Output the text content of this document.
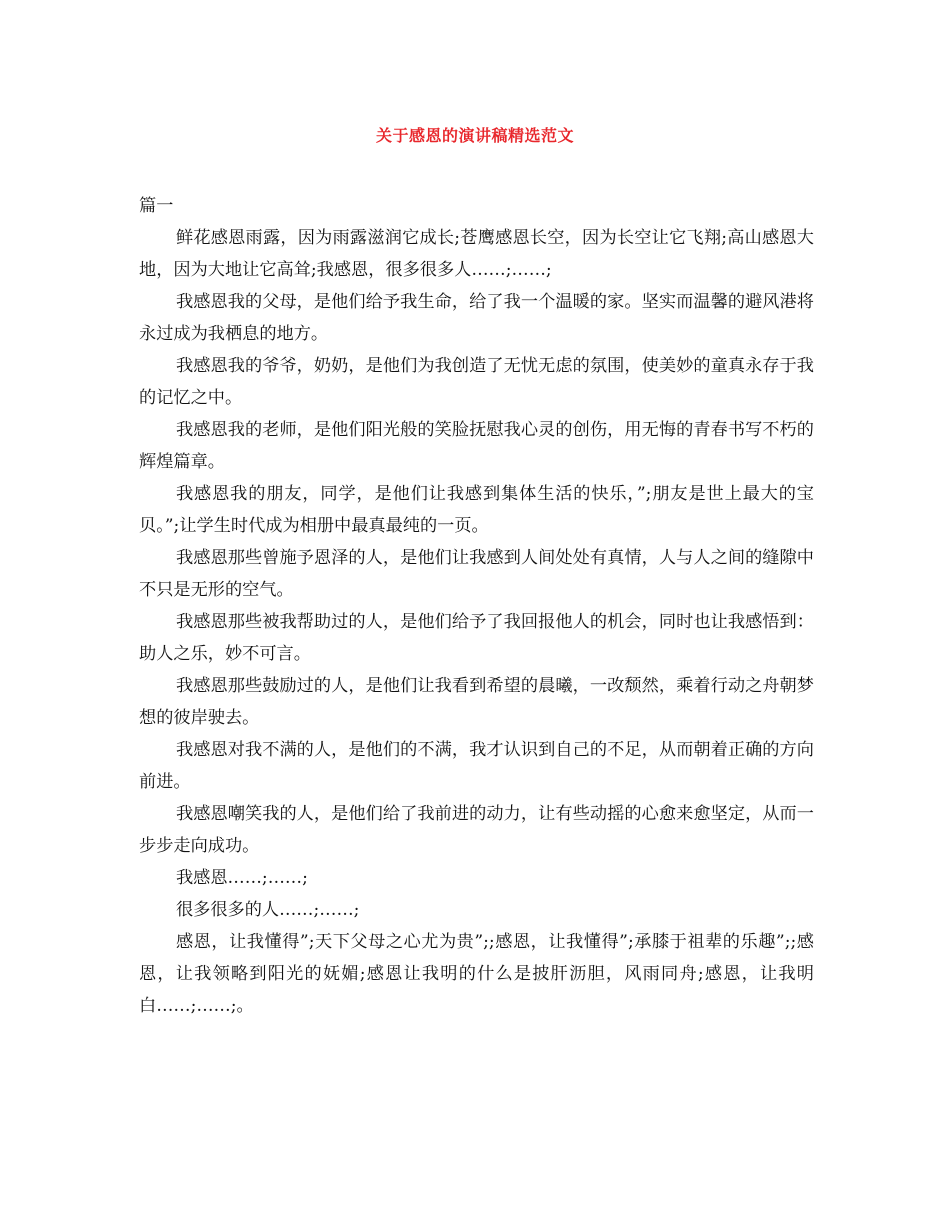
关于感恩的演讲稿精选范文

篇一

鲜花感恩雨露，因为雨露滋润它成长;苍鹰感恩长空，因为长空让它飞翔;高山感恩大地，因为大地让它高耸;我感恩，很多很多人……;……;

我感恩我的父母，是他们给予我生命，给了我一个温暖的家。坚实而温馨的避风港将永过成为我栖息的地方。

我感恩我的爷爷，奶奶，是他们为我创造了无忧无虑的氛围，使美妙的童真永存于我的记忆之中。

我感恩我的老师，是他们阳光般的笑脸抚慰我心灵的创伤，用无悔的青春书写不朽的辉煌篇章。

我感恩我的朋友，同学，是他们让我感到集体生活的快乐，”;朋友是世上最大的宝贝。”;让学生时代成为相册中最真最纯的一页。

我感恩那些曾施予恩泽的人，是他们让我感到人间处处有真情，人与人之间的缝隙中不只是无形的空气。

我感恩那些被我帮助过的人，是他们给予了我回报他人的机会，同时也让我感悟到：助人之乐，妙不可言。

我感恩那些鼓励过的人，是他们让我看到希望的晨曦，一改颓然，乘着行动之舟朝梦想的彼岸驶去。

我感恩对我不满的人，是他们的不满，我才认识到自己的不足，从而朝着正确的方向前进。

我感恩嘲笑我的人，是他们给了我前进的动力，让有些动摇的心愈来愈坚定，从而一步步走向成功。

我感恩……;……;

很多很多的人……;……;

感恩，让我懂得”;天下父母之心尤为贵”;;感恩，让我懂得”;承膝于祖辈的乐趣”;;感恩，让我领略到阳光的妩媚;感恩让我明的什么是披肝沥胆，风雨同舟;感恩，让我明白……;……;。
